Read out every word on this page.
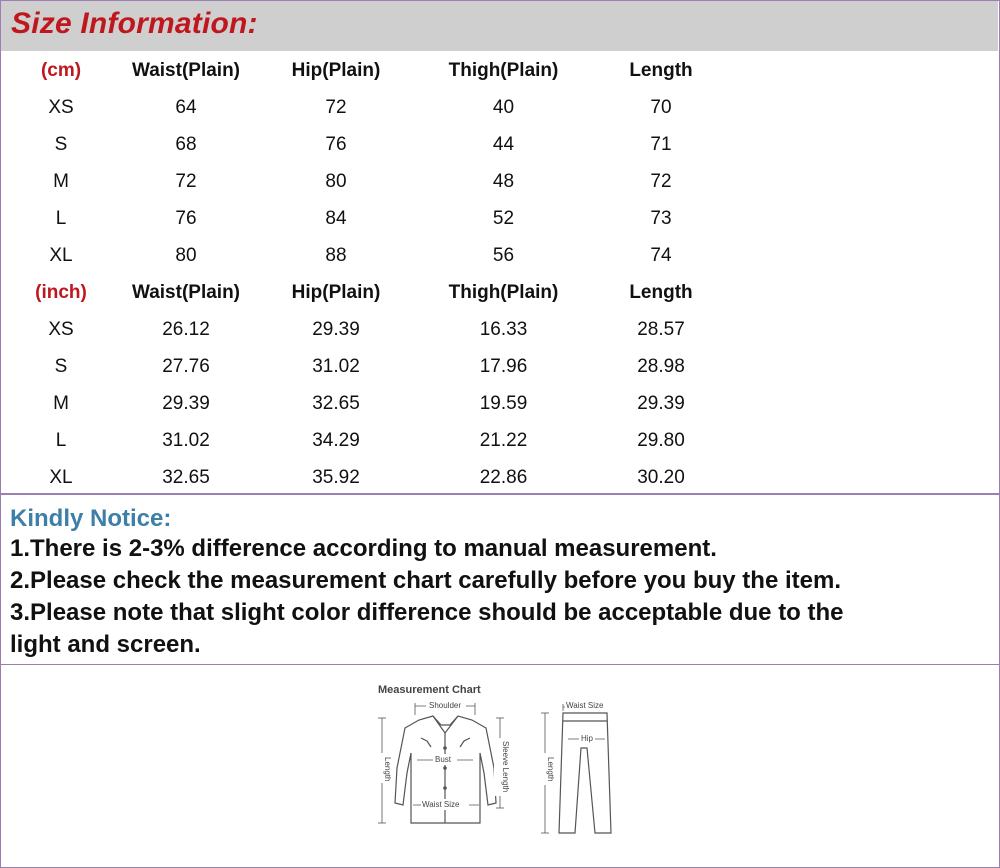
Size Information:
(cm)	Waist(Plain)	Hip(Plain)	Thigh(Plain)	Length
XS	64	72	40	70
S	68	76	44	71
M	72	80	48	72
L	76	84	52	73
XL	80	88	56	74
(inch)	Waist(Plain)	Hip(Plain)	Thigh(Plain)	Length
XS	26.12	29.39	16.33	28.57
S	27.76	31.02	17.96	28.98
M	29.39	32.65	19.59	29.39
L	31.02	34.29	21.22	29.80
XL	32.65	35.92	22.86	30.20
Kindly Notice:
1.There is 2-3% difference according to manual measurement.
2.Please check the measurement chart carefully before you buy the item.
3.Please note that slight color difference should be acceptable due to the
light and screen.
Measurement Chart
Shoulder
Bust
Waist Size
Length	Sleeve Length
Waist Size
Hip
Length
